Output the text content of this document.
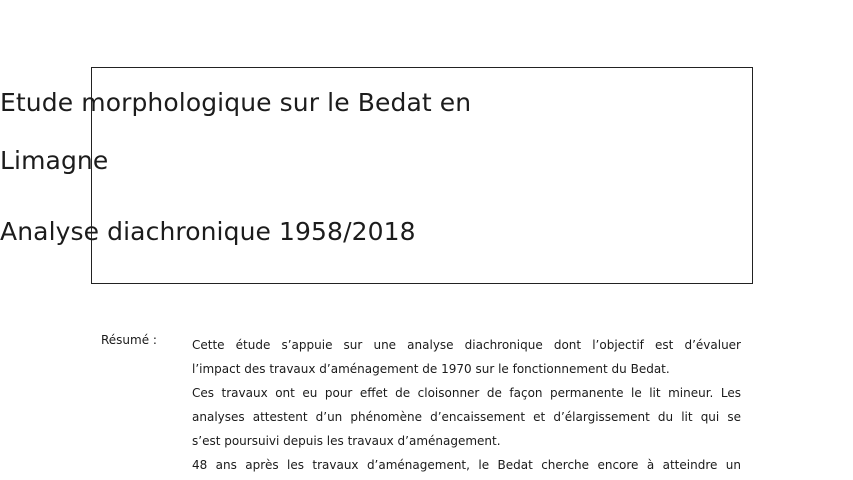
Etude morphologique sur le Bedat en
Limagne
Analyse diachronique 1958/2018
Résumé :	Cette étude s’appuie sur une analyse diachronique dont l’objectif est d’évaluer
l’impact des travaux d’aménagement de 1970 sur le fonctionnement du Bedat.
Ces travaux ont eu pour effet de cloisonner de façon permanente le lit mineur. Les
analyses attestent d’un phénomène d’encaissement et d’élargissement du lit qui se
s’est poursuivi depuis les travaux d’aménagement.
48 ans après les travaux d’aménagement, le Bedat cherche encore à atteindre un
